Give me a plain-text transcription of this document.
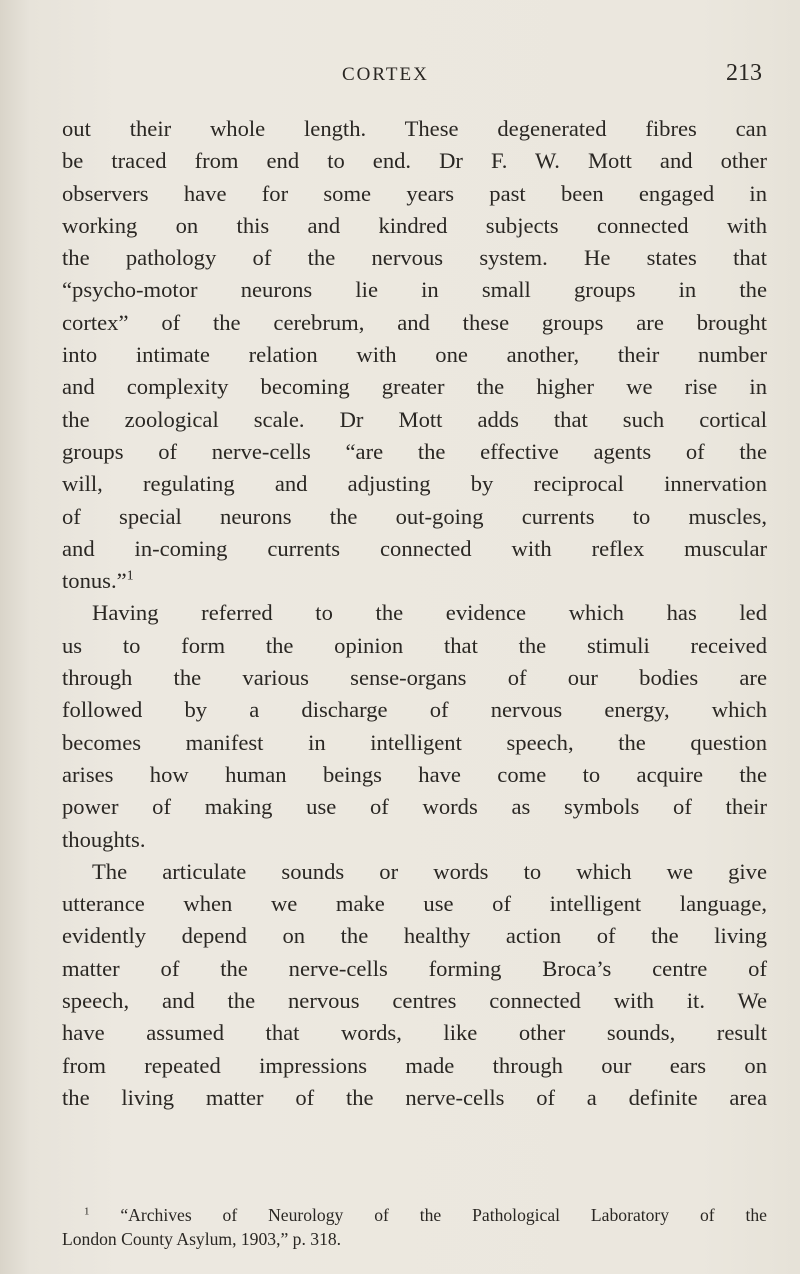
CORTEX	213
out their whole length. These degenerated fibres can
be traced from end to end. Dr F. W. Mott and other
observers have for some years past been engaged in
working on this and kindred subjects connected with
the pathology of the nervous system. He states that
“psycho-motor neurons lie in small groups in the
cortex” of the cerebrum, and these groups are brought
into intimate relation with one another, their number
and complexity becoming greater the higher we rise in
the zoological scale. Dr Mott adds that such cortical
groups of nerve-cells “are the effective agents of the
will, regulating and adjusting by reciprocal innervation
of special neurons the out-going currents to muscles,
and in-coming currents connected with reflex muscular
tonus.”$^1$
Having referred to the evidence which has led
us to form the opinion that the stimuli received
through the various sense-organs of our bodies are
followed by a discharge of nervous energy, which
becomes manifest in intelligent speech, the question
arises how human beings have come to acquire the
power of making use of words as symbols of their
thoughts.
The articulate sounds or words to which we give
utterance when we make use of intelligent language,
evidently depend on the healthy action of the living
matter of the nerve-cells forming Broca’s centre of
speech, and the nervous centres connected with it. We
have assumed that words, like other sounds, result
from repeated impressions made through our ears on
the living matter of the nerve-cells of a definite area
$^1$ “Archives of Neurology of the Pathological Laboratory of the
London County Asylum, 1903,” p. 318.
